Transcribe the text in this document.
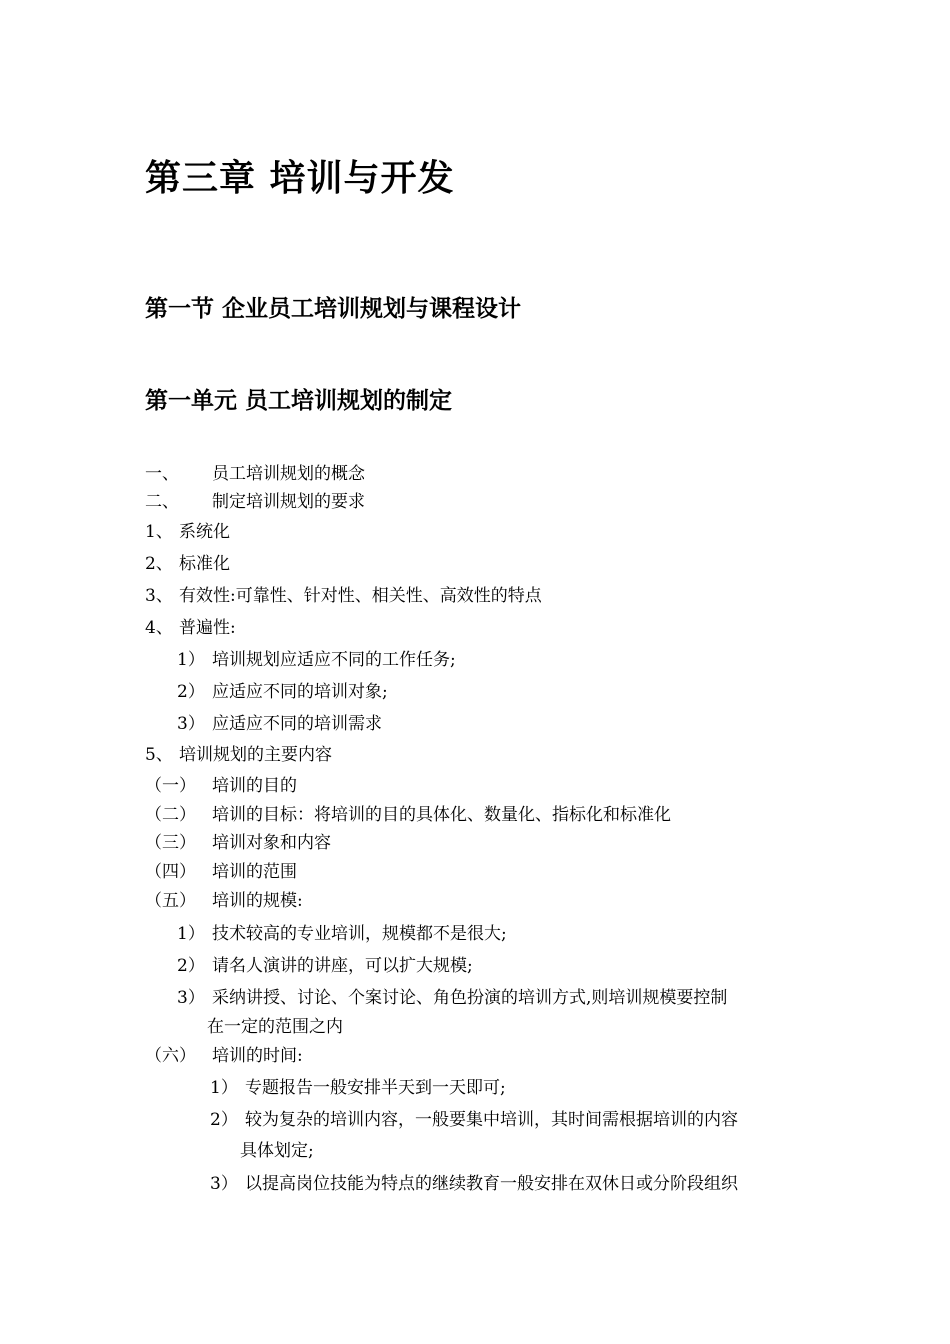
第三章 培训与开发
第一节 企业员工培训规划与课程设计
第一单元 员工培训规划的制定
一、 员工培训规划的概念
二、 制定培训规划的要求
1、 系统化
2、 标准化
3、 有效性:可靠性、针对性、相关性、高效性的特点
4、 普遍性:
1） 培训规划应适应不同的工作任务;
2） 应适应不同的培训对象;
3） 应适应不同的培训需求
5、 培训规划的主要内容
（一） 培训的目的
（二） 培训的目标：将培训的目的具体化、数量化、指标化和标准化
（三） 培训对象和内容
（四） 培训的范围
（五） 培训的规模:
1） 技术较高的专业培训，规模都不是很大;
2） 请名人演讲的讲座，可以扩大规模;
3） 采纳讲授、讨论、个案讨论、角色扮演的培训方式,则培训规模要控制
在一定的范围之内
（六） 培训的时间:
1） 专题报告一般安排半天到一天即可;
2） 较为复杂的培训内容，一般要集中培训，其时间需根据培训的内容
具体划定;
3） 以提高岗位技能为特点的继续教育一般安排在双休日或分阶段组织
